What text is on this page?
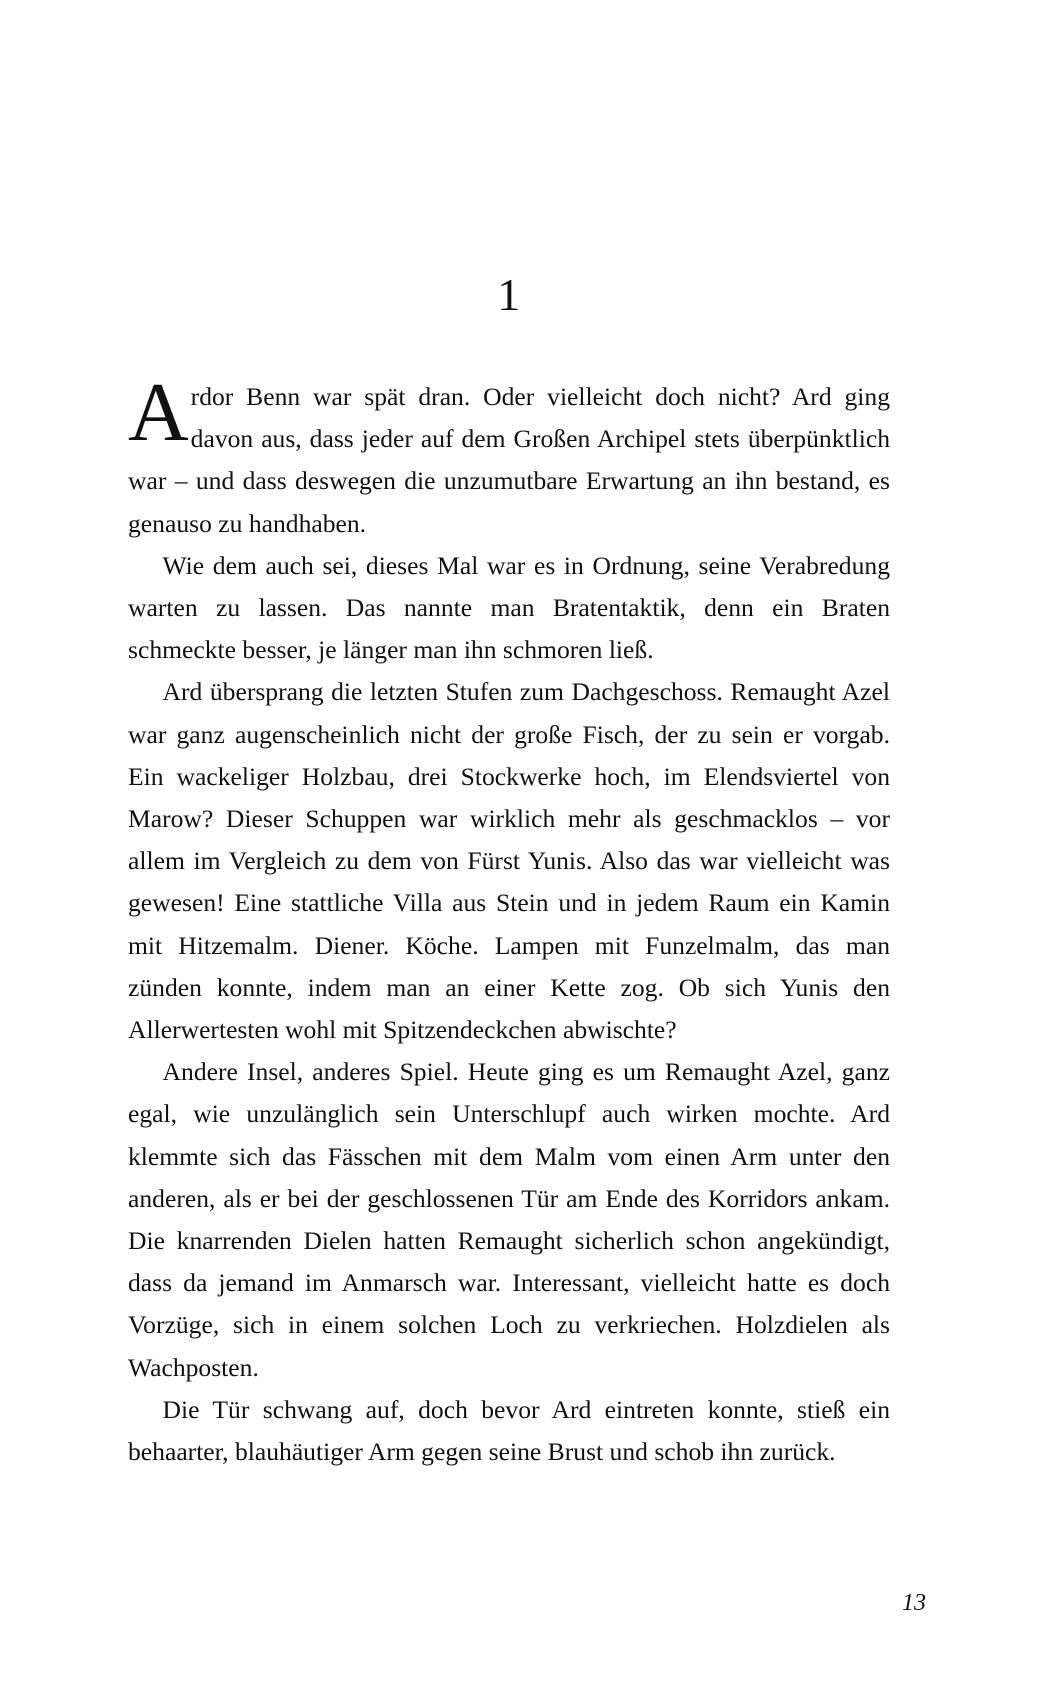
1

Ardor Benn war spät dran. Oder vielleicht doch nicht? Ard ging davon aus, dass jeder auf dem Großen Archipel stets überpünktlich war – und dass deswegen die unzumutbare Erwartung an ihn bestand, es genauso zu handhaben.

Wie dem auch sei, dieses Mal war es in Ordnung, seine Verabredung warten zu lassen. Das nannte man Bratentaktik, denn ein Braten schmeckte besser, je länger man ihn schmoren ließ.

Ard übersprang die letzten Stufen zum Dachgeschoss. Remaught Azel war ganz augenscheinlich nicht der große Fisch, der zu sein er vorgab. Ein wackeliger Holzbau, drei Stockwerke hoch, im Elendsviertel von Marow? Dieser Schuppen war wirklich mehr als geschmacklos – vor allem im Vergleich zu dem von Fürst Yunis. Also das war vielleicht was gewesen! Eine stattliche Villa aus Stein und in jedem Raum ein Kamin mit Hitzemalm. Diener. Köche. Lampen mit Funzelmalm, das man zünden konnte, indem man an einer Kette zog. Ob sich Yunis den Allerwertesten wohl mit Spitzendeckchen abwischte?

Andere Insel, anderes Spiel. Heute ging es um Remaught Azel, ganz egal, wie unzulänglich sein Unterschlupf auch wirken mochte. Ard klemmte sich das Fässchen mit dem Malm vom einen Arm unter den anderen, als er bei der geschlossenen Tür am Ende des Korridors ankam. Die knarrenden Dielen hatten Remaught sicherlich schon angekündigt, dass da jemand im Anmarsch war. Interessant, vielleicht hatte es doch Vorzüge, sich in einem solchen Loch zu verkriechen. Holzdielen als Wachposten.

Die Tür schwang auf, doch bevor Ard eintreten konnte, stieß ein behaarter, blauhäutiger Arm gegen seine Brust und schob ihn zurück.

13
